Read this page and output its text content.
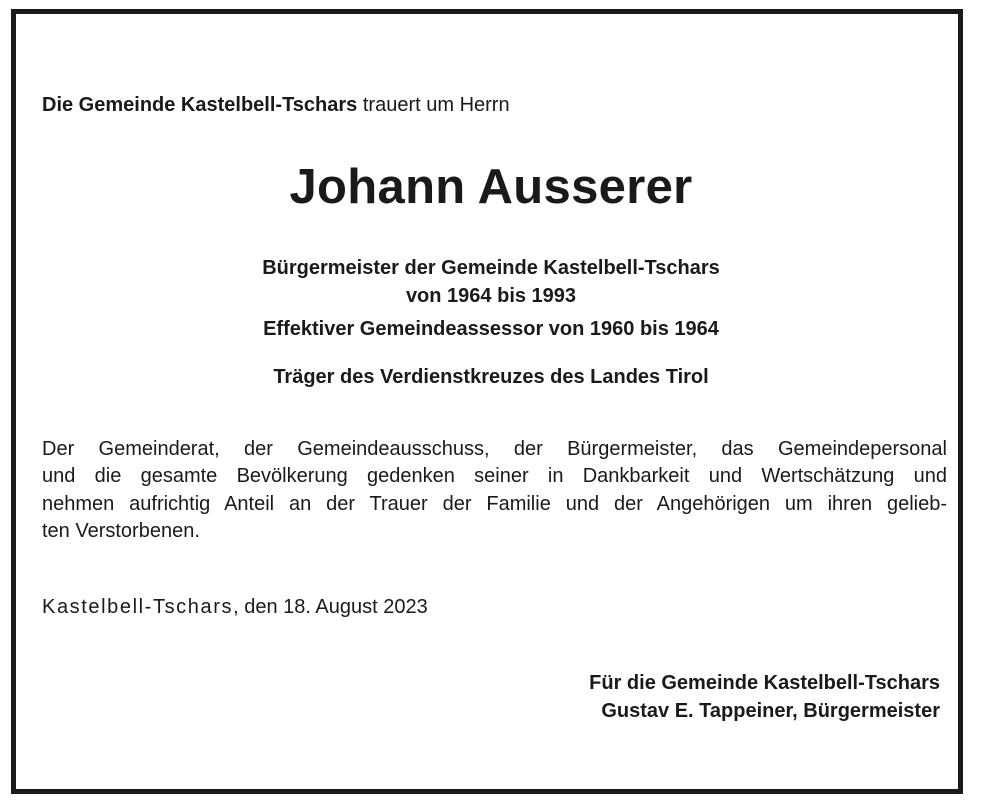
Die Gemeinde Kastelbell-Tschars trauert um Herrn
Johann Ausserer
Bürgermeister der Gemeinde Kastelbell-Tschars
von 1964 bis 1993
Effektiver Gemeindeassessor von 1960 bis 1964
Träger des Verdienstkreuzes des Landes Tirol
Der Gemeinderat, der Gemeindeausschuss, der Bürgermeister, das Gemeindepersonal
und die gesamte Bevölkerung gedenken seiner in Dankbarkeit und Wertschätzung und
nehmen aufrichtig Anteil an der Trauer der Familie und der Angehörigen um ihren gelieb-
ten Verstorbenen.
Kastelbell-Tschars, den 18. August 2023
Für die Gemeinde Kastelbell-Tschars
Gustav E. Tappeiner, Bürgermeister
